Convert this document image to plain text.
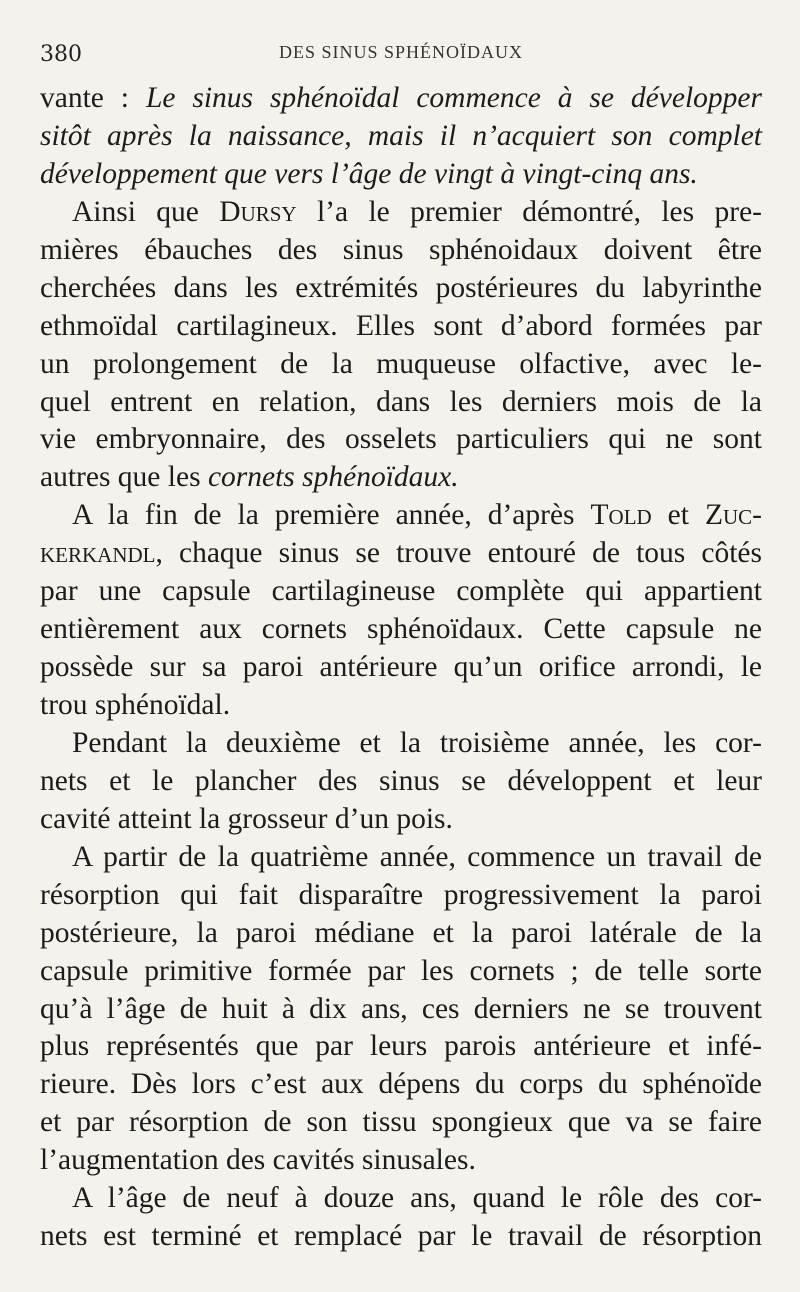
380	DES SINUS SPHÉNOÏDAUX
vante : Le sinus sphénoïdal commence à se développer
sitôt après la naissance, mais il n’acquiert son complet
développement que vers l’âge de vingt à vingt-cinq ans.
Ainsi que Dursy l’a le premier démontré, les pre-
mières ébauches des sinus sphénoidaux doivent être
cherchées dans les extrémités postérieures du labyrinthe
ethmoïdal cartilagineux. Elles sont d’abord formées par
un prolongement de la muqueuse olfactive, avec le-
quel entrent en relation, dans les derniers mois de la
vie embryonnaire, des osselets particuliers qui ne sont
autres que les cornets sphénoïdaux.
A la fin de la première année, d’après Told et Zuc-
kerkandl, chaque sinus se trouve entouré de tous côtés
par une capsule cartilagineuse complète qui appartient
entièrement aux cornets sphénoïdaux. Cette capsule ne
possède sur sa paroi antérieure qu’un orifice arrondi, le
trou sphénoïdal.
Pendant la deuxième et la troisième année, les cor-
nets et le plancher des sinus se développent et leur
cavité atteint la grosseur d’un pois.
A partir de la quatrième année, commence un travail de
résorption qui fait disparaître progressivement la paroi
postérieure, la paroi médiane et la paroi latérale de la
capsule primitive formée par les cornets ; de telle sorte
qu’à l’âge de huit à dix ans, ces derniers ne se trouvent
plus représentés que par leurs parois antérieure et infé-
rieure. Dès lors c’est aux dépens du corps du sphénoïde
et par résorption de son tissu spongieux que va se faire
l’augmentation des cavités sinusales.
A l’âge de neuf à douze ans, quand le rôle des cor-
nets est terminé et remplacé par le travail de résorption
